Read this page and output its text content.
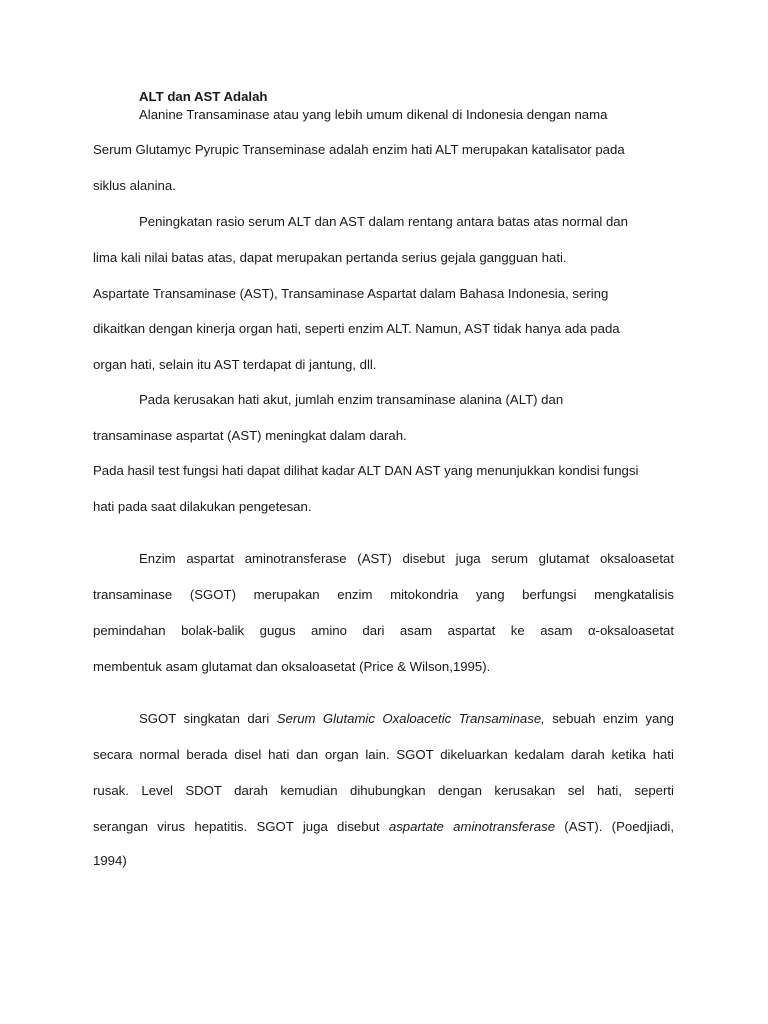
ALT dan AST Adalah

Alanine Transaminase atau yang lebih umum dikenal di Indonesia dengan nama

Serum Glutamyc Pyrupic Transeminase adalah enzim hati ALT merupakan katalisator pada

siklus alanina.

Peningkatan rasio serum ALT dan AST dalam rentang antara batas atas normal dan

lima kali nilai batas atas, dapat merupakan pertanda serius gejala gangguan hati.

Aspartate Transaminase (AST), Transaminase Aspartat dalam Bahasa Indonesia, sering

dikaitkan dengan kinerja organ hati, seperti enzim ALT. Namun, AST tidak hanya ada pada

organ hati, selain itu AST terdapat di jantung, dll.

Pada kerusakan hati akut, jumlah enzim transaminase alanina (ALT) dan

transaminase aspartat (AST) meningkat dalam darah.

Pada hasil test fungsi hati dapat dilihat kadar ALT DAN AST yang menunjukkan kondisi fungsi

hati pada saat dilakukan pengetesan.

Enzim aspartat aminotransferase (AST) disebut juga serum glutamat oksaloasetat

transaminase (SGOT) merupakan enzim mitokondria yang berfungsi mengkatalisis

pemindahan bolak-balik gugus amino dari asam aspartat ke asam α-oksaloasetat

membentuk asam glutamat dan oksaloasetat (Price & Wilson,1995).

SGOT singkatan dari Serum Glutamic Oxaloacetic Transaminase, sebuah enzim yang

secara normal berada disel hati dan organ lain. SGOT dikeluarkan kedalam darah ketika hati

rusak. Level SDOT darah kemudian dihubungkan dengan kerusakan sel hati, seperti

serangan virus hepatitis. SGOT juga disebut aspartate aminotransferase (AST). (Poedjiadi,

1994)
